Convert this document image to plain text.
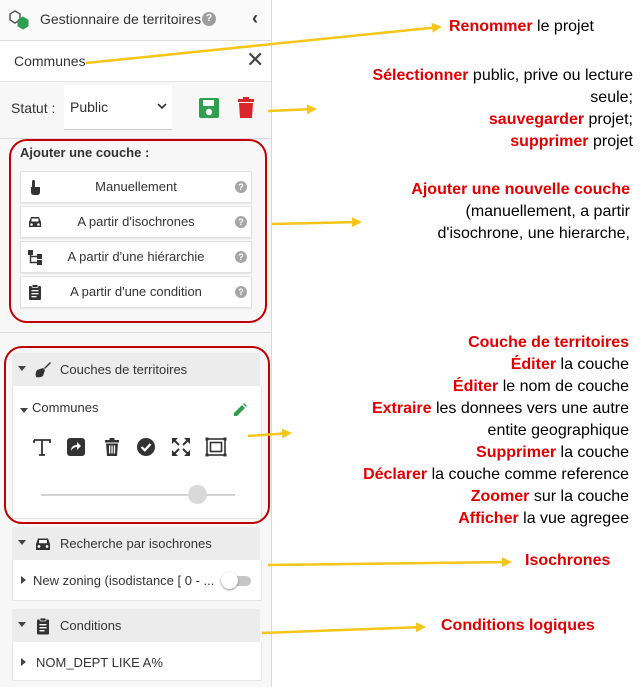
Gestionnaire de territoires ? ‹
Communes	✕
Statut : Public
Ajouter une couche :
Manuellement	?
A partir d'isochrones	?
A partir d'une hiérarchie	?
A partir d'une condition	?
Couches de territoires
Communes
Recherche par isochrones
New zoning (isodistance [ 0 - ...
Conditions
NOM_DEPT LIKE A%
Renommer le projet
Sélectionner public, prive ou lecture
seule;
sauvegarder projet;
supprimer projet
Ajouter une nouvelle couche
(manuellement, a partir
d'isochrone, une hierarche,
Couche de territoires
Éditer la couche
Éditer le nom de couche
Extraire les donnees vers une autre
entite geographique
Supprimer la couche
Déclarer la couche comme reference
Zoomer sur la couche
Afficher la vue agregee
Isochrones
Conditions logiques
